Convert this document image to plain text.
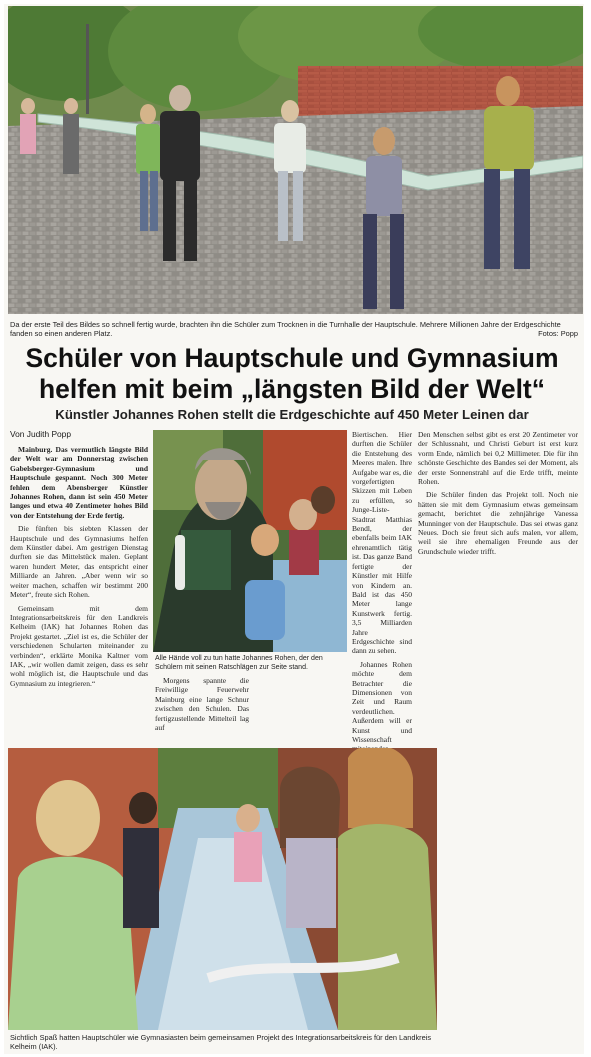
Da der erste Teil des Bildes so schnell fertig wurde, brachten ihn die Schüler zum Trocknen in die Turnhalle der Hauptschule. Mehrere Millionen Jahre der Erdgeschichte fanden so einen anderen Platz.	Fotos: Popp
Schüler von Hauptschule und Gymnasium
helfen mit beim „längsten Bild der Welt“
Künstler Johannes Rohen stellt die Erdgeschichte auf 450 Meter Leinen dar
Von Judith Popp

Mainburg. Das vermutlich längste Bild der Welt war am Donnerstag zwischen Gabelsberger-Gymnasium und Hauptschule gespannt. Noch 300 Meter fehlen dem Abensberger Künstler Johannes Rohen, dann ist sein 450 Meter langes und etwa 40 Zentimeter hohes Bild von der Entstehung der Erde fertig.

Die fünften bis siebten Klassen der Hauptschule und des Gymnasiums helfen dem Künstler dabei. Am gestrigen Dienstag durften sie das Mittelstück malen. Geplant waren hundert Meter, das entspricht einer Milliarde an Jahren. „Aber wenn wir so weiter machen, schaffen wir bestimmt 200 Meter“, freute sich Rohen.

Gemeinsam mit dem Integrationsarbeitskreis für den Landkreis Kelheim (IAK) hat Johannes Rohen das Projekt gestartet. „Ziel ist es, die Schüler der verschiedenen Schularten miteinander zu verbinden“, erklärte Monika Kaltner vom IAK, „wir wollen damit zeigen, dass es sehr wohl möglich ist, die Hauptschule und das Gymnasium zu integrieren.“

Alle Hände voll zu tun hatte Johannes Rohen, der den Schülern mit seinen Ratschlägen zur Seite stand.

Morgens spannte die Freiwillige Feuerwehr Mainburg eine lange Schnur zwischen den Schulen. Das fertigzustellende Mittelteil lag auf

Biertischen. Hier durften die Schüler die Entstehung des Meeres malen. Ihre Aufgabe war es, die vorgefertigten Skizzen mit Leben zu erfüllen, so Junge-Liste-Stadtrat Matthias Bendl, der ebenfalls beim IAK ehrenamtlich tätig ist. Das ganze Band fertigte der Künstler mit Hilfe von Kindern an. Bald ist das 450 Meter lange Kunstwerk fertig. 3,5 Milliarden Jahre Erdgeschichte sind dann zu sehen.

Johannes Rohen möchte dem Betrachter die Dimensionen von Zeit und Raum verdeutlichen. Außerdem will er Kunst und Wissenschaft

Den Menschen selbst gibt es erst 20 Zentimeter vor der Schlussnaht, und Christi Geburt ist erst kurz vorm Ende, nämlich bei 0,2 Millimeter. Die für ihn schönste Geschichte des Bandes sei der Moment, als der erste Sonnenstrahl auf die Erde trifft, meinte Rohen.

Die Schüler finden das Projekt toll. Noch nie hätten sie mit dem Gymnasium etwas gemeinsam gemacht, berichtet die zehnjährige Vanessa Munninger von der Hauptschule. Das sei etwas ganz Neues. Doch sie freut sich aufs malen, vor allem, weil sie ihre ehemaligen Freunde aus der Grundschule wieder trifft.

Sichtlich Spaß hatten Hauptschüler wie Gymnasiasten beim gemeinsamen Projekt des Integrationsarbeitskreis für den Landkreis Kelheim (IAK).
